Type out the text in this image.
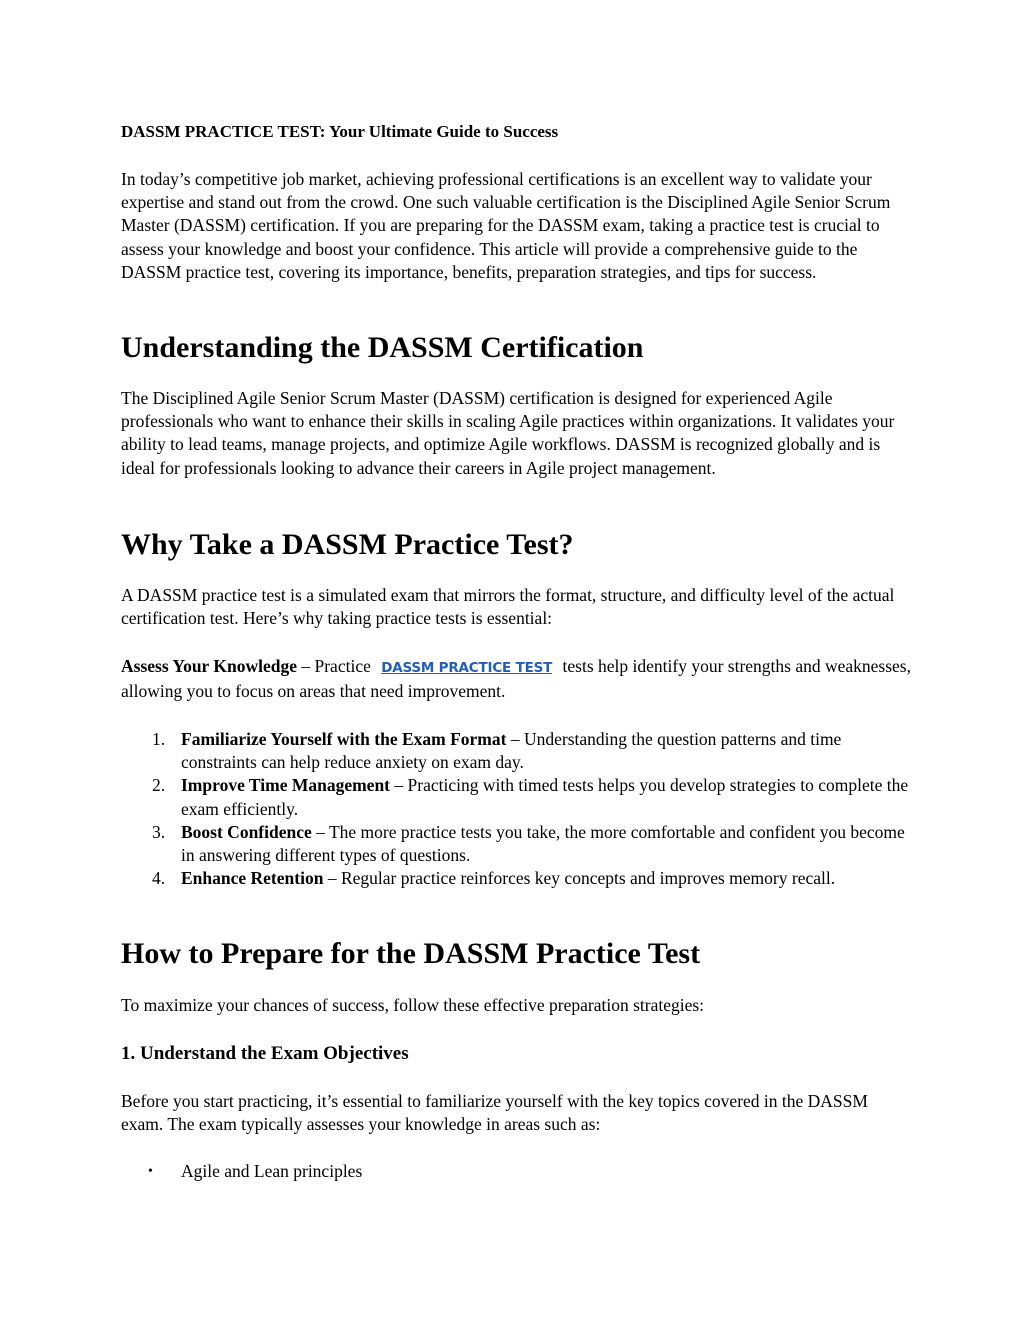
DASSM PRACTICE TEST: Your Ultimate Guide to Success

In today’s competitive job market, achieving professional certifications is an excellent way to validate your expertise and stand out from the crowd. One such valuable certification is the Disciplined Agile Senior Scrum Master (DASSM) certification. If you are preparing for the DASSM exam, taking a practice test is crucial to assess your knowledge and boost your confidence. This article will provide a comprehensive guide to the DASSM practice test, covering its importance, benefits, preparation strategies, and tips for success.

Understanding the DASSM Certification

The Disciplined Agile Senior Scrum Master (DASSM) certification is designed for experienced Agile professionals who want to enhance their skills in scaling Agile practices within organizations. It validates your ability to lead teams, manage projects, and optimize Agile workflows. DASSM is recognized globally and is ideal for professionals looking to advance their careers in Agile project management.

Why Take a DASSM Practice Test?

A DASSM practice test is a simulated exam that mirrors the format, structure, and difficulty level of the actual certification test. Here’s why taking practice tests is essential:

Assess Your Knowledge – Practice DASSM PRACTICE TEST tests help identify your strengths and weaknesses, allowing you to focus on areas that need improvement.

1. Familiarize Yourself with the Exam Format – Understanding the question patterns and time constraints can help reduce anxiety on exam day.
2. Improve Time Management – Practicing with timed tests helps you develop strategies to complete the exam efficiently.
3. Boost Confidence – The more practice tests you take, the more comfortable and confident you become in answering different types of questions.
4. Enhance Retention – Regular practice reinforces key concepts and improves memory recall.
How to Prepare for the DASSM Practice Test

To maximize your chances of success, follow these effective preparation strategies:

1. Understand the Exam Objectives

Before you start practicing, it’s essential to familiarize yourself with the key topics covered in the DASSM exam. The exam typically assesses your knowledge in areas such as:

• Agile and Lean principles
